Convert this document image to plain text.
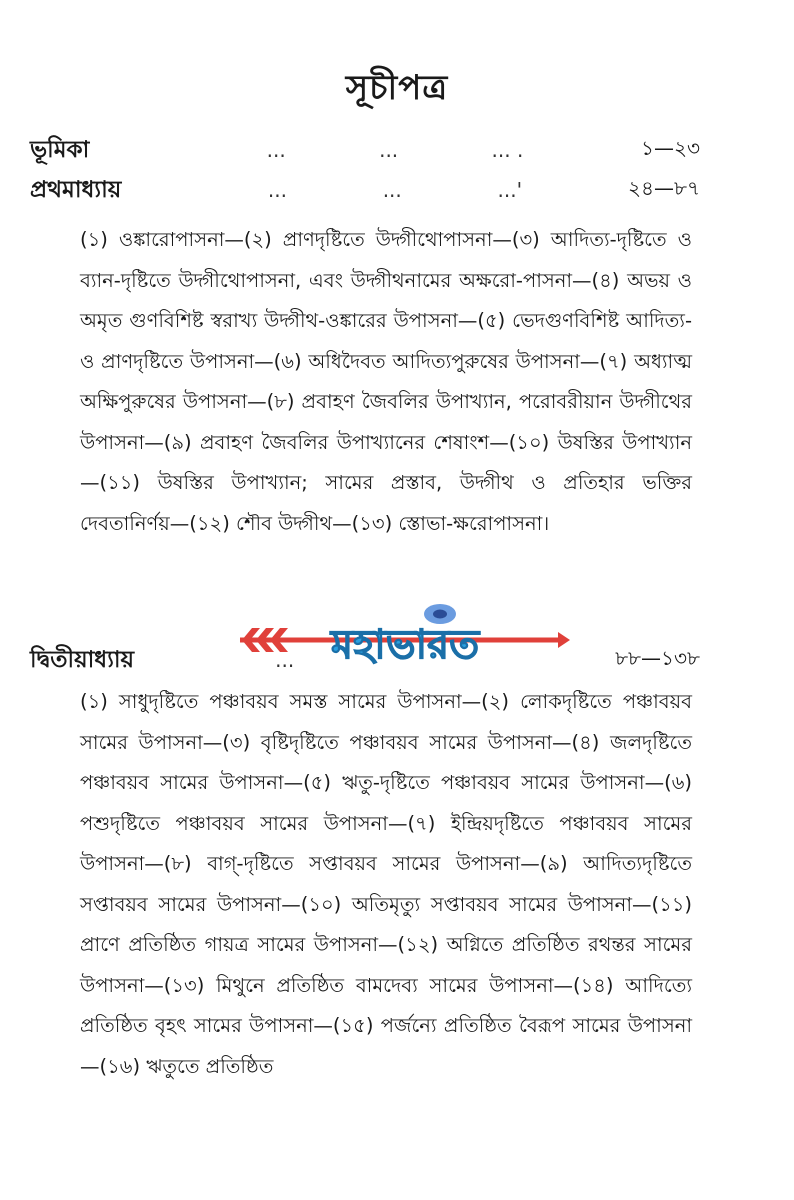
সূচীপত্র
ভূমিকা	...	...	... .	১—২৩
প্রথমাধ্যায়	...	...	...'	২৪—৮৭
(১) ওঙ্কারোপাসনা—(২) প্রাণদৃষ্টিতে উদ্গীথোপাসনা—(৩) আদিত্য-দৃষ্টিতে ও ব্যান-দৃষ্টিতে উদ্গীথোপাসনা, এবং উদ্গীথনামের অক্ষরো-পাসনা—(৪) অভয় ও অমৃত গুণবিশিষ্ট স্বরাখ্য উদ্গীথ-ওঙ্কারের উপাসনা—(৫) ভেদগুণবিশিষ্ট আদিত্য-ও প্রাণদৃষ্টিতে উপাসনা—(৬) অধিদৈবত আদিত্যপুরুষের উপাসনা—(৭) অধ্যাত্ম অক্ষিপুরুষের উপাসনা—(৮) প্রবাহণ জৈবলির উপাখ্যান, পরোবরীয়ান উদ্গীথের উপাসনা—(৯) প্রবাহণ জৈবলির উপাখ্যানের শেষাংশ—(১০) উষস্তির উপাখ্যান—(১১) উষস্তির উপাখ্যান; সামের প্রস্তাব, উদ্গীথ ও প্রতিহার ভক্তির দেবতানির্ণয়—(১২) শৌব উদ্গীথ—(১৩) স্তোভা-ক্ষরোপাসনা।
মহাভারত
দ্বিতীয়াধ্যায়	...	৮৮—১৩৮
(১) সাধুদৃষ্টিতে পঞ্চাবয়ব সমস্ত সামের উপাসনা—(২) লোকদৃষ্টিতে পঞ্চাবয়ব সামের উপাসনা—(৩) বৃষ্টিদৃষ্টিতে পঞ্চাবয়ব সামের উপাসনা—(৪) জলদৃষ্টিতে পঞ্চাবয়ব সামের উপাসনা—(৫) ঋতু-দৃষ্টিতে পঞ্চাবয়ব সামের উপাসনা—(৬) পশুদৃষ্টিতে পঞ্চাবয়ব সামের উপাসনা—(৭) ইন্দ্রিয়দৃষ্টিতে পঞ্চাবয়ব সামের উপাসনা—(৮) বাগ্-দৃষ্টিতে সপ্তাবয়ব সামের উপাসনা—(৯) আদিত্যদৃষ্টিতে সপ্তাবয়ব সামের উপাসনা—(১০) অতিমৃত্যু সপ্তাবয়ব সামের উপাসনা—(১১) প্রাণে প্রতিষ্ঠিত গায়ত্র সামের উপাসনা—(১২) অগ্নিতে প্রতিষ্ঠিত রথন্তর সামের উপাসনা—(১৩) মিথুনে প্রতিষ্ঠিত বামদেব্য সামের উপাসনা—(১৪) আদিত্যে প্রতিষ্ঠিত বৃহৎ সামের উপাসনা—(১৫) পর্জন্যে প্রতিষ্ঠিত বৈরূপ সামের উপাসনা—(১৬) ঋতুতে প্রতিষ্ঠিত
